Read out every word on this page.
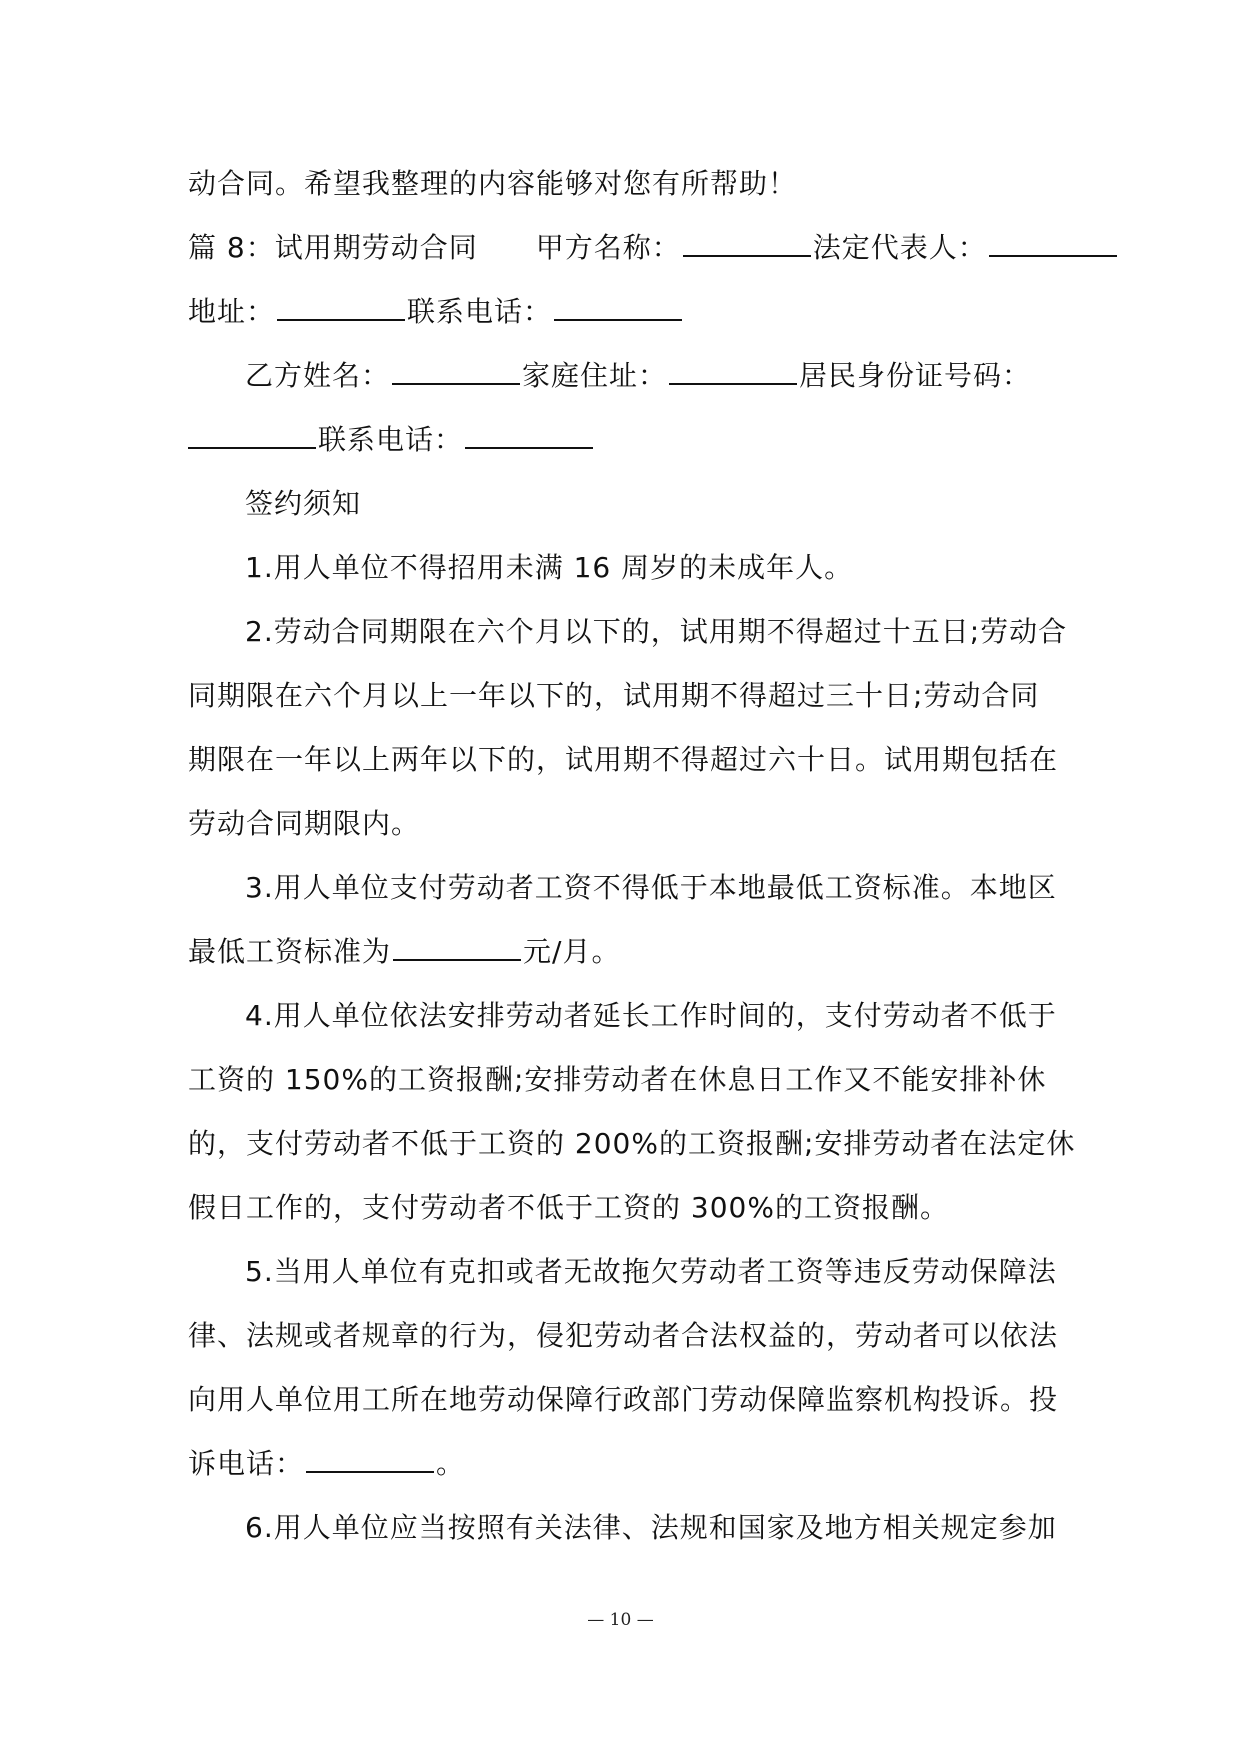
动合同。希望我整理的内容能够对您有所帮助！
篇 8：试用期劳动合同 甲方名称：	法定代表人：
地址：	联系电话：
乙方姓名：	家庭住址：	居民身份证号码：
联系电话：
签约须知
1.用人单位不得招用未满 16 周岁的未成年人。
2.劳动合同期限在六个月以下的，试用期不得超过十五日;劳动合
同期限在六个月以上一年以下的，试用期不得超过三十日;劳动合同
期限在一年以上两年以下的，试用期不得超过六十日。试用期包括在
劳动合同期限内。
3.用人单位支付劳动者工资不得低于本地最低工资标准。本地区
最低工资标准为	元/月。
4.用人单位依法安排劳动者延长工作时间的，支付劳动者不低于
工资的 150%的工资报酬;安排劳动者在休息日工作又不能安排补休
的，支付劳动者不低于工资的 200%的工资报酬;安排劳动者在法定休
假日工作的，支付劳动者不低于工资的 300%的工资报酬。
5.当用人单位有克扣或者无故拖欠劳动者工资等违反劳动保障法
律、法规或者规章的行为，侵犯劳动者合法权益的，劳动者可以依法
向用人单位用工所在地劳动保障行政部门劳动保障监察机构投诉。投
诉电话：	。
6.用人单位应当按照有关法律、法规和国家及地方相关规定参加
— 10 —
